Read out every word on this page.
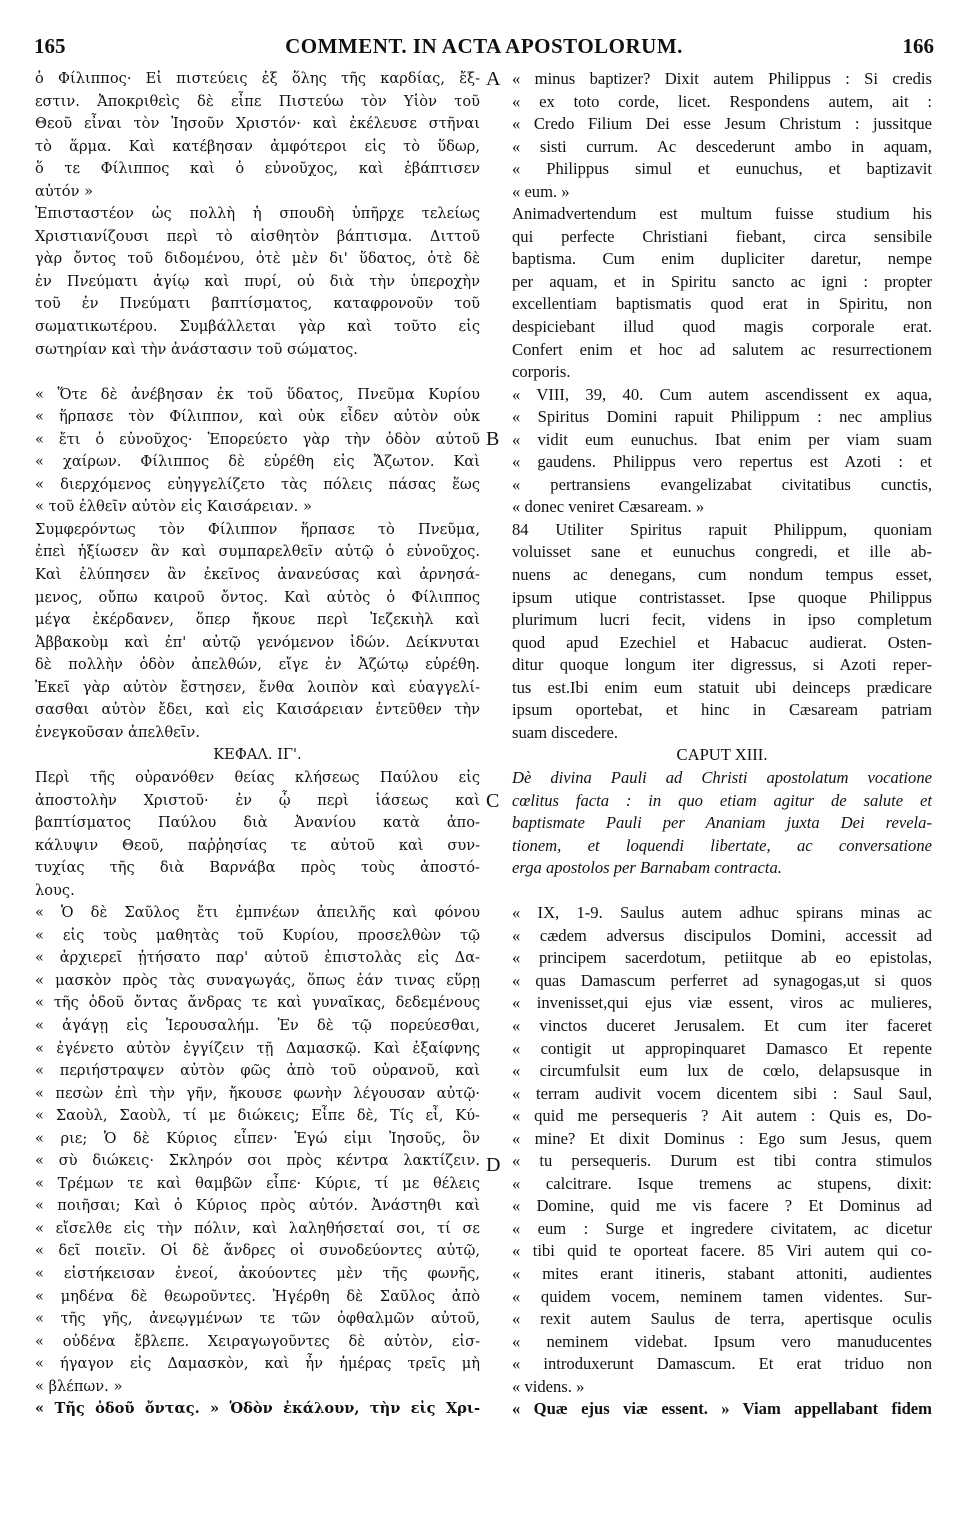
165	COMMENT. IN ACTA APOSTOLORUM.	166
ὁ Φίλιππος· Εἰ πιστεύεις ἐξ ὅλης τῆς καρδίας, ἔξ-
εστιν. Ἀποκριθεὶς δὲ εἶπε Πιστεύω τὸν Υἱὸν τοῦ
Θεοῦ εἶναι τὸν Ἰησοῦν Χριστόν· καὶ ἐκέλευσε στῆναι
τὸ ἅρμα. Καὶ κατέβησαν ἀμφότεροι εἰς τὸ ὕδωρ,
ὅ τε Φίλιππος καὶ ὁ εὐνοῦχος, καὶ ἐβάπτισεν
αὐτόν »
Ἐπισταστέον ὡς πολλὴ ἡ σπουδὴ ὑπῆρχε τελείως
Χριστιανίζουσι περὶ τὸ αἰσθητὸν βάπτισμα. Διττοῦ
γὰρ ὄντος τοῦ διδομένου, ὁτὲ μὲν δι' ὕδατος, ὁτὲ δὲ
ἐν Πνεύματι ἁγίῳ καὶ πυρί, οὐ διὰ τὴν ὑπεροχὴν
τοῦ ἐν Πνεύματι βαπτίσματος, καταφρονοῦν τοῦ
σωματικωτέρου. Συμβάλλεται γὰρ καὶ τοῦτο εἰς
σωτηρίαν καὶ τὴν ἀνάστασιν τοῦ σώματος.
« Ὅτε δὲ ἀνέβησαν ἐκ τοῦ ὕδατος, Πνεῦμα Κυρίου
« ἥρπασε τὸν Φίλιππον, καὶ οὐκ εἶδεν αὐτὸν οὐκ
« ἔτι ὁ εὐνοῦχος· Ἐπορεύετο γὰρ τὴν ὁδὸν αὐτοῦ
« χαίρων. Φίλιππος δὲ εὑρέθη εἰς Ἄζωτον. Καὶ
« διερχόμενος εὐηγγελίζετο τὰς πόλεις πάσας ἕως
« τοῦ ἐλθεῖν αὐτὸν εἰς Καισάρειαν. »
Συμφερόντως τὸν Φίλιππον ἥρπασε τὸ Πνεῦμα,
ἐπεὶ ἠξίωσεν ἂν καὶ συμπαρελθεῖν αὐτῷ ὁ εὐνοῦχος.
Καὶ ἐλύπησεν ἂν ἐκεῖνος ἀνανεύσας καὶ ἀρνησά-
μενος, οὔπω καιροῦ ὄντος. Καὶ αὐτὸς ὁ Φίλιππος
μέγα ἐκέρδανεν, ὅπερ ἤκουε περὶ Ἰεζεκιὴλ καὶ
Ἀββακοὺμ καὶ ἐπ' αὐτῷ γενόμενον ἰδών. Δείκνυται
δὲ πολλὴν ὁδὸν ἀπελθών, εἴγε ἐν Ἀζώτῳ εὑρέθη.
Ἐκεῖ γὰρ αὐτὸν ἔστησεν, ἔνθα λοιπὸν καὶ εὐαγγελί-
σασθαι αὐτὸν ἔδει, καὶ εἰς Καισάρειαν ἐντεῦθεν τὴν
ἐνεγκοῦσαν ἀπελθεῖν.
ΚΕΦΑΛ. ΙΓ'.
Περὶ τῆς οὐρανόθεν θείας κλήσεως Παύλου εἰς
ἀποστολὴν Χριστοῦ· ἐν ᾧ περὶ ἰάσεως καὶ
βαπτίσματος Παύλου διὰ Ἀνανίου κατὰ ἀπο-
κάλυψιν Θεοῦ, παῤῥησίας τε αὐτοῦ καὶ συν-
τυχίας τῆς διὰ Βαρνάβα πρὸς τοὺς ἀποστό-
λους.
« Ὁ δὲ Σαῦλος ἔτι ἐμπνέων ἀπειλῆς καὶ φόνου
« εἰς τοὺς μαθητὰς τοῦ Κυρίου, προσελθὼν τῷ
« ἀρχιερεῖ ᾐτήσατο παρ' αὐτοῦ ἐπιστολὰς εἰς Δα-
« μασκὸν πρὸς τὰς συναγωγάς, ὅπως ἐάν τινας εὕρῃ
« τῆς ὁδοῦ ὄντας ἄνδρας τε καὶ γυναῖκας, δεδεμένους
« ἀγάγῃ εἰς Ἱερουσαλήμ. Ἐν δὲ τῷ πορεύεσθαι,
« ἐγένετο αὐτὸν ἐγγίζειν τῇ Δαμασκῷ. Καὶ ἐξαίφνης
« περιήστραψεν αὐτὸν φῶς ἀπὸ τοῦ οὐρανοῦ, καὶ
« πεσὼν ἐπὶ τὴν γῆν, ἤκουσε φωνὴν λέγουσαν αὐτῷ·
« Σαοὺλ, Σαοὺλ, τί με διώκεις; Εἶπε δὲ, Τίς εἶ, Κύ-
« ριε; Ὁ δὲ Κύριος εἶπεν· Ἐγώ εἰμι Ἰησοῦς, ὃν
« σὺ διώκεις· Σκληρόν σοι πρὸς κέντρα λακτίζειν.
« Τρέμων τε καὶ θαμβῶν εἶπε· Κύριε, τί με θέλεις
« ποιῆσαι; Καὶ ὁ Κύριος πρὸς αὐτόν. Ἀνάστηθι καὶ
« εἴσελθε εἰς τὴν πόλιν, καὶ λαληθήσεταί σοι, τί σε
« δεῖ ποιεῖν. Οἱ δὲ ἄνδρες οἱ συνοδεύοντες αὐτῷ,
« εἱστήκεισαν ἐνεοί, ἀκούοντες μὲν τῆς φωνῆς,
« μηδένα δὲ θεωροῦντες. Ἠγέρθη δὲ Σαῦλος ἀπὸ
« τῆς γῆς, ἀνεῳγμένων τε τῶν ὀφθαλμῶν αὐτοῦ,
« οὐδένα ἔβλεπε. Χειραγωγοῦντες δὲ αὐτὸν, εἰσ-
« ήγαγον εἰς Δαμασκὸν, καὶ ἦν ἡμέρας τρεῖς μὴ
« βλέπων. »
« Τῆς ὁδοῦ ὄντας. » Ὁδὸν ἐκάλουν, τὴν εἰς Χρι-
« minus baptizer? Dixit autem Philippus : Si credis
« ex toto corde, licet. Respondens autem, ait :
« Credo Filium Dei esse Jesum Christum : jussitque
« sisti currum. Ac descederunt ambo in aquam,
« Philippus simul et eunuchus, et baptizavit
« eum. »
Animadvertendum est multum fuisse studium his
qui perfecte Christiani fiebant, circa sensibile
baptisma. Cum enim dupliciter daretur, nempe
per aquam, et in Spiritu sancto ac igni : propter
excellentiam baptismatis quod erat in Spiritu, non
despiciebant illud quod magis corporale erat.
Confert enim et hoc ad salutem ac resurrectionem
corporis.
« VIII, 39, 40. Cum autem ascendissent ex aqua,
« Spiritus Domini rapuit Philippum : nec amplius
« vidit eum eunuchus. Ibat enim per viam suam
« gaudens. Philippus vero repertus est Azoti : et
« pertransiens evangelizabat civitatibus cunctis,
« donec veniret Cæsaream. »
84 Utiliter Spiritus rapuit Philippum, quoniam
voluisset sane et eunuchus congredi, et ille ab-
nuens ac denegans, cum nondum tempus esset,
ipsum utique contristasset. Ipse quoque Philippus
plurimum lucri fecit, videns in ipso completum
quod apud Ezechiel et Habacuc audierat. Osten-
ditur quoque longum iter digressus, si Azoti reper-
tus est.Ibi enim eum statuit ubi deinceps prædicare
ipsum oportebat, et hinc in Cæsaream patriam
suam discedere.
CAPUT XIII.
Dè divina Pauli ad Christi apostolatum vocatione
cœlitus facta : in quo etiam agitur de salute et
baptismate Pauli per Ananiam juxta Dei revela-
tionem, et loquendi libertate, ac conversatione
erga apostolos per Barnabam contracta.
« IX, 1-9. Saulus autem adhuc spirans minas ac
« cædem adversus discipulos Domini, accessit ad
« principem sacerdotum, petiitque ab eo epistolas,
« quas Damascum perferret ad synagogas,ut si quos
« invenisset,qui ejus viæ essent, viros ac mulieres,
« vinctos duceret Jerusalem. Et cum iter faceret
« contigit ut appropinquaret Damasco Et repente
« circumfulsit eum lux de cœlo, delapsusque in
« terram audivit vocem dicentem sibi : Saul Saul,
« quid me persequeris ? Ait autem : Quis es, Do-
« mine? Et dixit Dominus : Ego sum Jesus, quem
« tu persequeris. Durum est tibi contra stimulos
« calcitrare. Isque tremens ac stupens, dixit:
« Domine, quid me vis facere ? Et Dominus ad
« eum : Surge et ingredere civitatem, ac dicetur
« tibi quid te oporteat facere. 85 Viri autem qui co-
« mites erant itineris, stabant attoniti, audientes
« quidem vocem, neminem tamen videntes. Sur-
« rexit autem Saulus de terra, apertisque oculis
« neminem videbat. Ipsum vero manuducentes
« introduxerunt Damascum. Et erat triduo non
« videns. »
« Quæ ejus viæ essent. » Viam appellabant fidem
A
B
C
D
